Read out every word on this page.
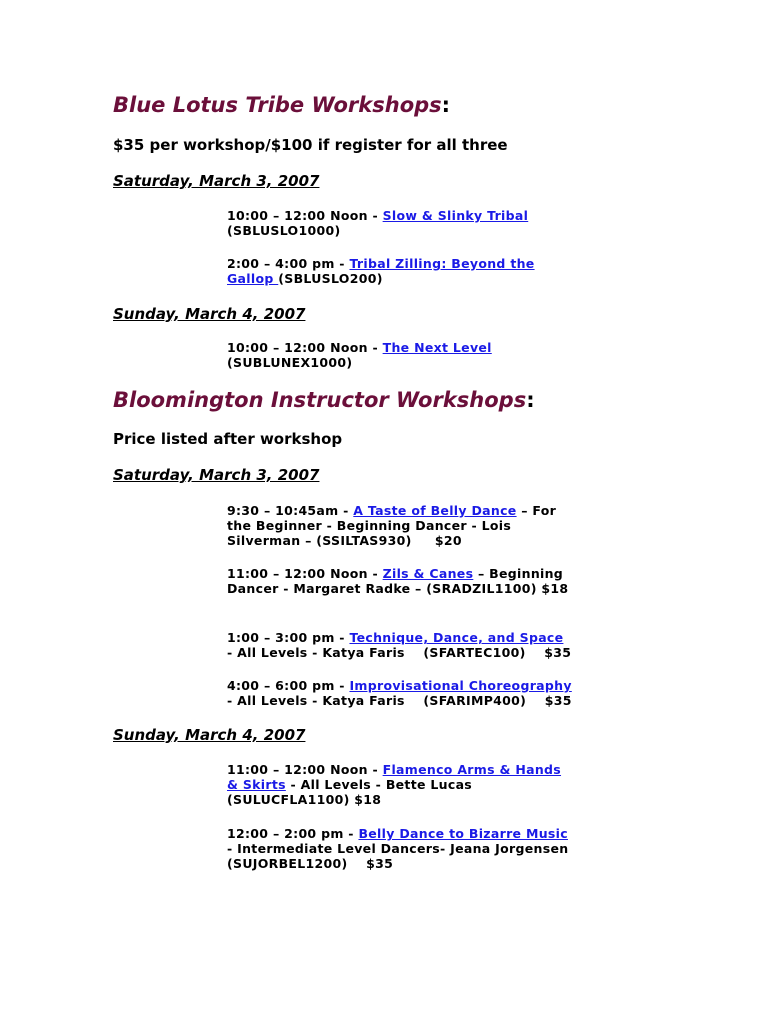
Blue Lotus Tribe Workshops:

$35 per workshop/$100 if register for all three

Saturday, March 3, 2007

10:00 – 12:00 Noon - Slow & Slinky Tribal
(SBLUSLO1000)

2:00 – 4:00 pm - Tribal Zilling: Beyond the Gallop (SBLUSLO200)

Sunday, March 4, 2007

10:00 – 12:00 Noon - The Next Level
(SUBLUNEX1000)

Bloomington Instructor Workshops:

Price listed after workshop

Saturday, March 3, 2007

9:30 – 10:45am - A Taste of Belly Dance – For the Beginner - Beginning Dancer - Lois Silverman – (SSILTAS930)     $20

11:00 – 12:00 Noon - Zils & Canes – Beginning Dancer - Margaret Radke – (SRADZIL1100) $18

1:00 – 3:00 pm - Technique, Dance, and Space - All Levels - Katya Faris    (SFARTEC100)    $35

4:00 – 6:00 pm - Improvisational Choreography - All Levels - Katya Faris    (SFARIMP400)    $35

Sunday, March 4, 2007

11:00 – 12:00 Noon - Flamenco Arms & Hands & Skirts - All Levels - Bette Lucas (SULUCFLA1100) $18

12:00 – 2:00 pm - Belly Dance to Bizarre Music - Intermediate Level Dancers- Jeana Jorgensen (SUJORBEL1200)    $35
